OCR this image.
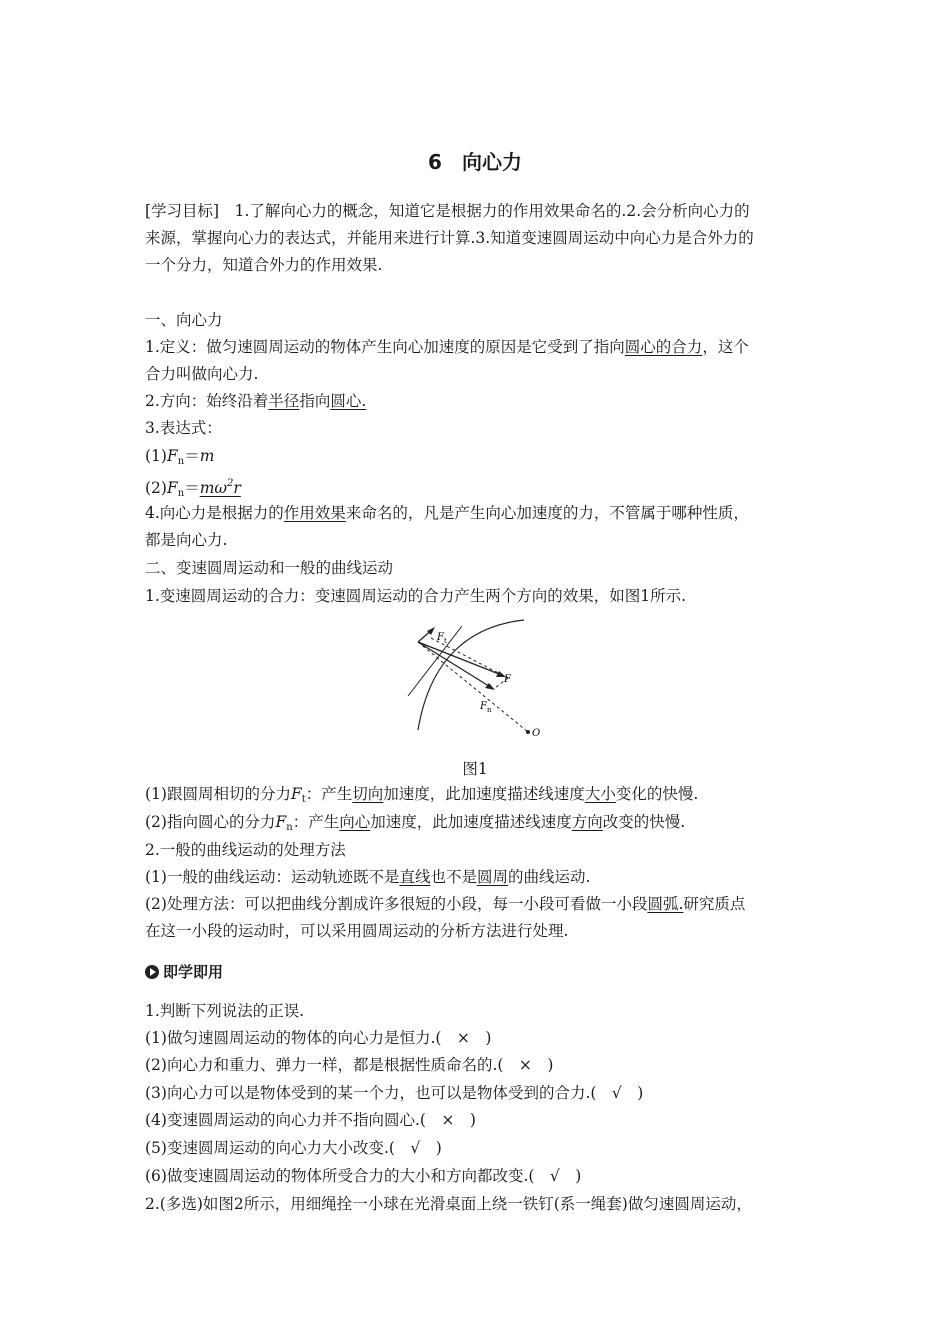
6　向心力
[学习目标]　1.了解向心力的概念，知道它是根据力的作用效果命名的.2.会分析向心力的
来源，掌握向心力的表达式，并能用来进行计算.3.知道变速圆周运动中向心力是合外力的
一个分力，知道合外力的作用效果.
一、向心力
1.定义：做匀速圆周运动的物体产生向心加速度的原因是它受到了指向圆心的合力，这个
合力叫做向心力.
2.方向：始终沿着半径指向圆心.
3.表达式：
$(1)F_n=m$
$(2)F_n=m\omega^2r$
4.向心力是根据力的作用效果来命名的，凡是产生向心加速度的力，不管属于哪种性质，
都是向心力.
二、变速圆周运动和一般的曲线运动
1.变速圆周运动的合力：变速圆周运动的合力产生两个方向的效果，如图1所示.
$F_t$
F
$F_n$
O
图1
(1)跟圆周相切的分力$F_t$：产生切向加速度，此加速度描述线速度大小变化的快慢.
(2)指向圆心的分力$F_n$：产生向心加速度，此加速度描述线速度方向改变的快慢.
2.一般的曲线运动的处理方法
(1)一般的曲线运动：运动轨迹既不是直线也不是圆周的曲线运动.
(2)处理方法：可以把曲线分割成许多很短的小段，每一小段可看做一小段圆弧.研究质点
在这一小段的运动时，可以采用圆周运动的分析方法进行处理.
即学即用
1.判断下列说法的正误.
(1)做匀速圆周运动的物体的向心力是恒力.(　×　)
(2)向心力和重力、弹力一样，都是根据性质命名的.(　×　)
(3)向心力可以是物体受到的某一个力，也可以是物体受到的合力.(　√　)
(4)变速圆周运动的向心力并不指向圆心.(　×　)
(5)变速圆周运动的向心力大小改变.(　√　)
(6)做变速圆周运动的物体所受合力的大小和方向都改变.(　√　)
2.(多选)如图2所示，用细绳拴一小球在光滑桌面上绕一铁钉(系一绳套)做匀速圆周运动，
